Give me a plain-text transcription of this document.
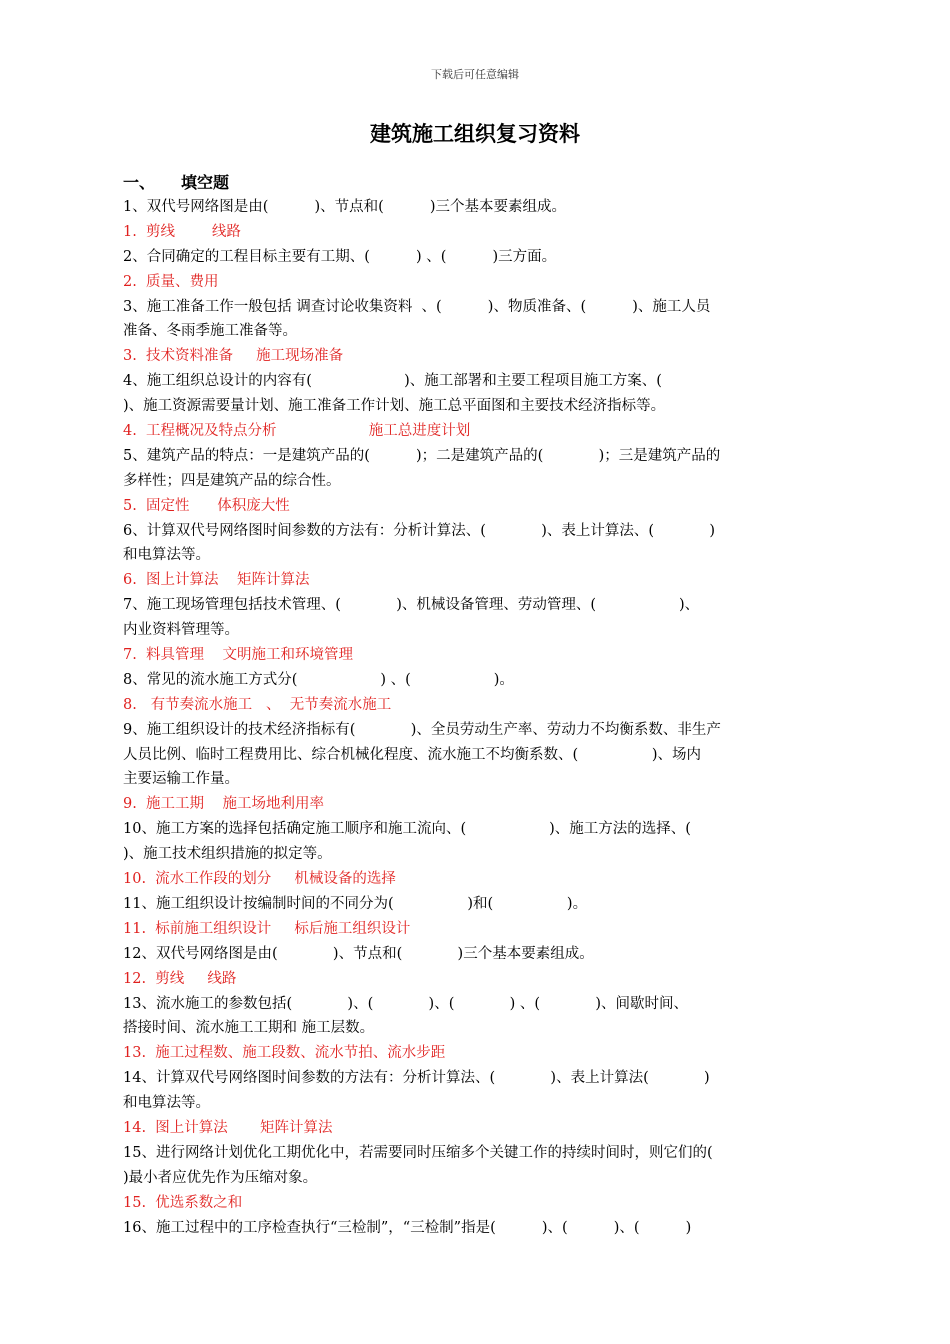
下载后可任意编辑
建筑施工组织复习资料
一、 填空题
1、双代号网络图是由(          )、节点和(          )三个基本要素组成。
1.  剪线        线路
2、合同确定的工程目标主要有工期、(          ) 、(          )三方面。
2.  质量、费用
3、施工准备工作一般包括 调查讨论收集资料  、(          )、物质准备、(          )、施工人员
准备、冬雨季施工准备等。
3.  技术资料准备     施工现场准备
4、施工组织总设计的内容有(                    )、施工部署和主要工程项目施工方案、(
)、施工资源需要量计划、施工准备工作计划、施工总平面图和主要技术经济指标等。
4.  工程概况及特点分析                    施工总进度计划
5、建筑产品的特点：一是建筑产品的(          )；二是建筑产品的(            )；三是建筑产品的
多样性；四是建筑产品的综合性。
5.  固定性      体积庞大性
6、计算双代号网络图时间参数的方法有：分析计算法、(            )、表上计算法、(            )
和电算法等。
6.  图上计算法    矩阵计算法
7、施工现场管理包括技术管理、(            )、机械设备管理、劳动管理、(                  )、
内业资料管理等。
7.  料具管理    文明施工和环境管理
8、常见的流水施工方式分(                  ) 、(                  )。
8.   有节奏流水施工   、  无节奏流水施工
9、施工组织设计的技术经济指标有(            )、全员劳动生产率、劳动力不均衡系数、非生产
人员比例、临时工程费用比、综合机械化程度、流水施工不均衡系数、(                )、场内
主要运输工作量。
9.  施工工期    施工场地利用率
10、施工方案的选择包括确定施工顺序和施工流向、(                  )、施工方法的选择、(
)、施工技术组织措施的拟定等。
10.  流水工作段的划分     机械设备的选择
11、施工组织设计按编制时间的不同分为(                )和(                )。
11.  标前施工组织设计     标后施工组织设计
12、双代号网络图是由(            )、节点和(            )三个基本要素组成。
12.  剪线     线路
13、流水施工的参数包括(            )、(            )、(            ) 、(            )、间歇时间、
搭接时间、流水施工工期和 施工层数。
13.  施工过程数、施工段数、流水节拍、流水步距
14、计算双代号网络图时间参数的方法有：分析计算法、(            )、表上计算法(            )
和电算法等。
14.  图上计算法       矩阵计算法
15、进行网络计划优化工期优化中，若需要同时压缩多个关键工作的持续时间时，则它们的(
)最小者应优先作为压缩对象。
15.  优选系数之和
16、施工过程中的工序检查执行“三检制”，“三检制”指是(          )、(          )、(          )
